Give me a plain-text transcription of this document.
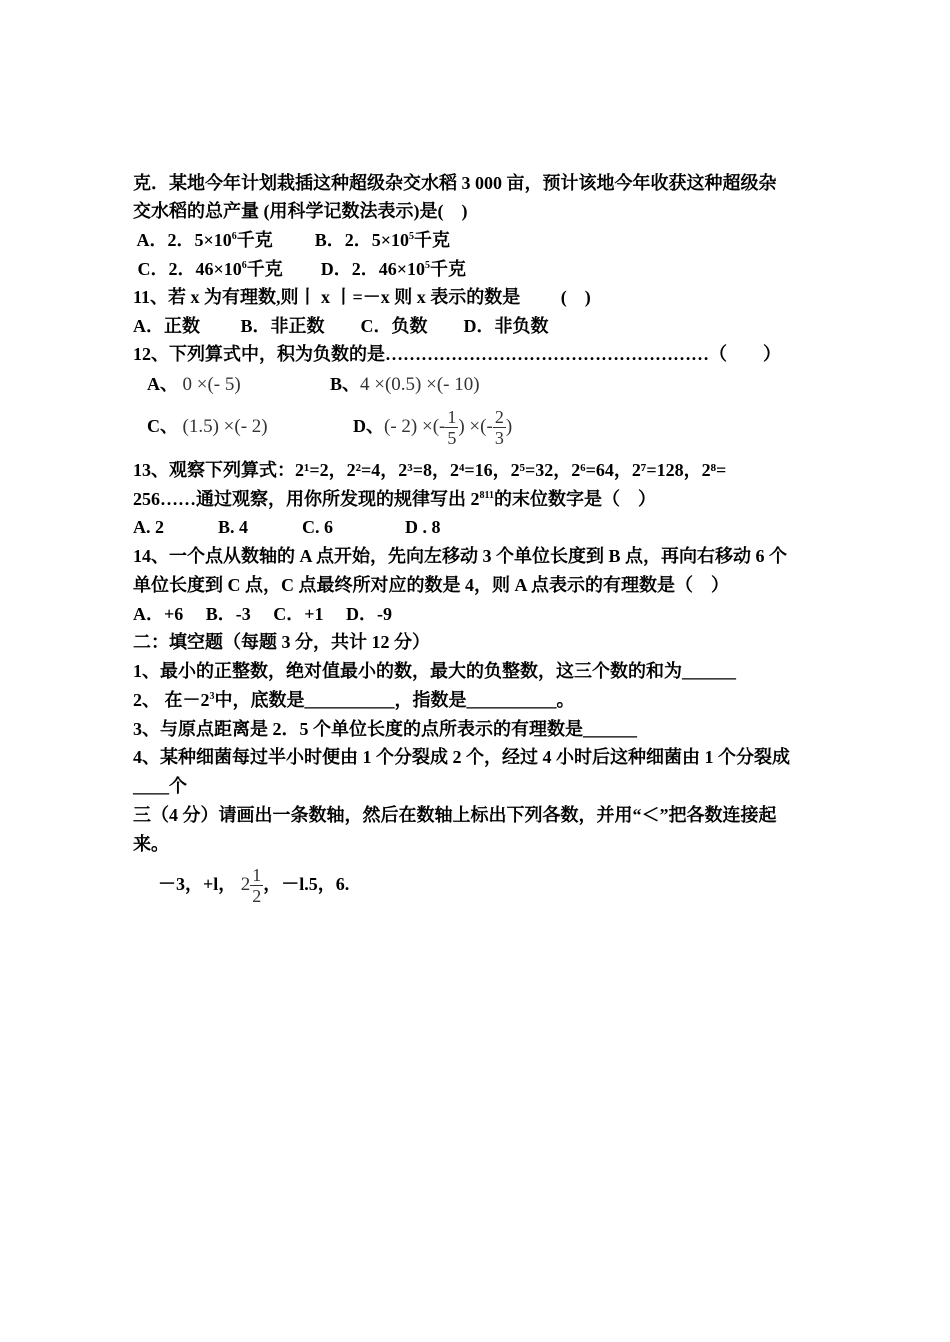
克．某地今年计划栽插这种超级杂交水稻 3 000 亩，预计该地今年收获这种超级杂
交水稻的总产量 (用科学记数法表示)是(　)
A．2．$5\times 10^6$千克 B．2．$5\times 10^5$千克
C．2．$46\times 10^6$千克 D．2．$46\times 10^5$千克
11、若 x 为有理数,则丨 x 丨=－x 则 x 表示的数是　　 (　)
A．正数　　 B．非正数　　C．负数　　D．非负数
12、下列算式中，积为负数的是………………………………………………（　　）
A、 0 ×(- 5)	B、4 ×(0.5) ×(- 10)
C、 (1.5) ×(- 2)	D、(- 2) ×(- $\frac{1}{5}$ ) ×(- $\frac{2}{3}$ )
13、观察下列算式：2¹=2，2²=4，2³=8，2⁴=16，2⁵=32，2⁶=64，2⁷=128，2⁸=
256……通过观察，用你所发现的规律写出 $2^{811}$的末位数字是（　）
A. 2　　　B. 4　　　C. 6　　　　D . 8
14、一个点从数轴的 A 点开始，先向左移动 3 个单位长度到 B 点，再向右移动 6 个
单位长度到 C 点，C 点最终所对应的数是 4，则 A 点表示的有理数是（　）
A．+6　 B．-3　 C．+1　 D．-9
二：填空题（每题 3 分，共计 12 分）
1、最小的正整数，绝对值最小的数，最大的负整数，这三个数的和为______
2、 在$-2^3$中，底数是__________，指数是__________。
3、与原点距离是 2．5 个单位长度的点所表示的有理数是______
4、某种细菌每过半小时便由 1 个分裂成 2 个，经过 4 小时后这种细菌由 1 个分裂成
____个
三（4 分）请画出一条数轴，然后在数轴上标出下列各数，并用“＜”把各数连接起
来。
－3，+l， $2 \frac{1}{2}$ ，－l.5，6.
